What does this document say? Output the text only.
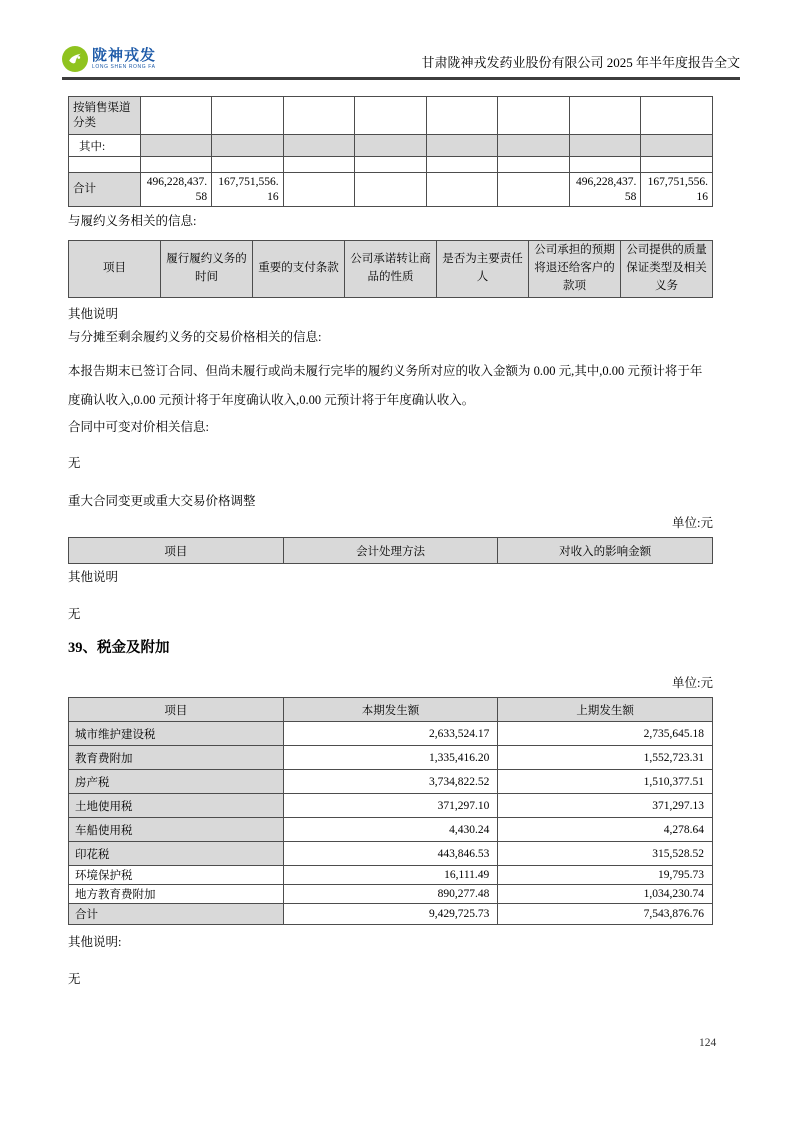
陇神戎发
LONG SHEN RONG FA	甘肃陇神戎发药业股份有限公司 2025 年半年度报告全文
按销售渠道分类								
其中:								

合计	496,228,437.58	167,751,556.16					496,228,437.58	167,751,556.16

与履约义务相关的信息:

项目	履行履约义务的时间	重要的支付条款	公司承诺转让商品的性质	是否为主要责任人	公司承担的预期将退还给客户的款项	公司提供的质量保证类型及相关义务

其他说明

与分摊至剩余履约义务的交易价格相关的信息:

本报告期末已签订合同、但尚未履行或尚未履行完毕的履约义务所对应的收入金额为 0.00 元,其中,0.00 元预计将于年度确认收入,0.00 元预计将于年度确认收入,0.00 元预计将于年度确认收入。

合同中可变对价相关信息:

无

重大合同变更或重大交易价格调整

单位:元

项目	会计处理方法	对收入的影响金额

其他说明

无

39、税金及附加

单位:元

项目	本期发生额	上期发生额
城市维护建设税	2,633,524.17	2,735,645.18
教育费附加	1,335,416.20	1,552,723.31
房产税	3,734,822.52	1,510,377.51
土地使用税	371,297.10	371,297.13
车船使用税	4,430.24	4,278.64
印花税	443,846.53	315,528.52
环境保护税	16,111.49	19,795.73
地方教育费附加	890,277.48	1,034,230.74
合计	9,429,725.73	7,543,876.76

其他说明:

无

124
